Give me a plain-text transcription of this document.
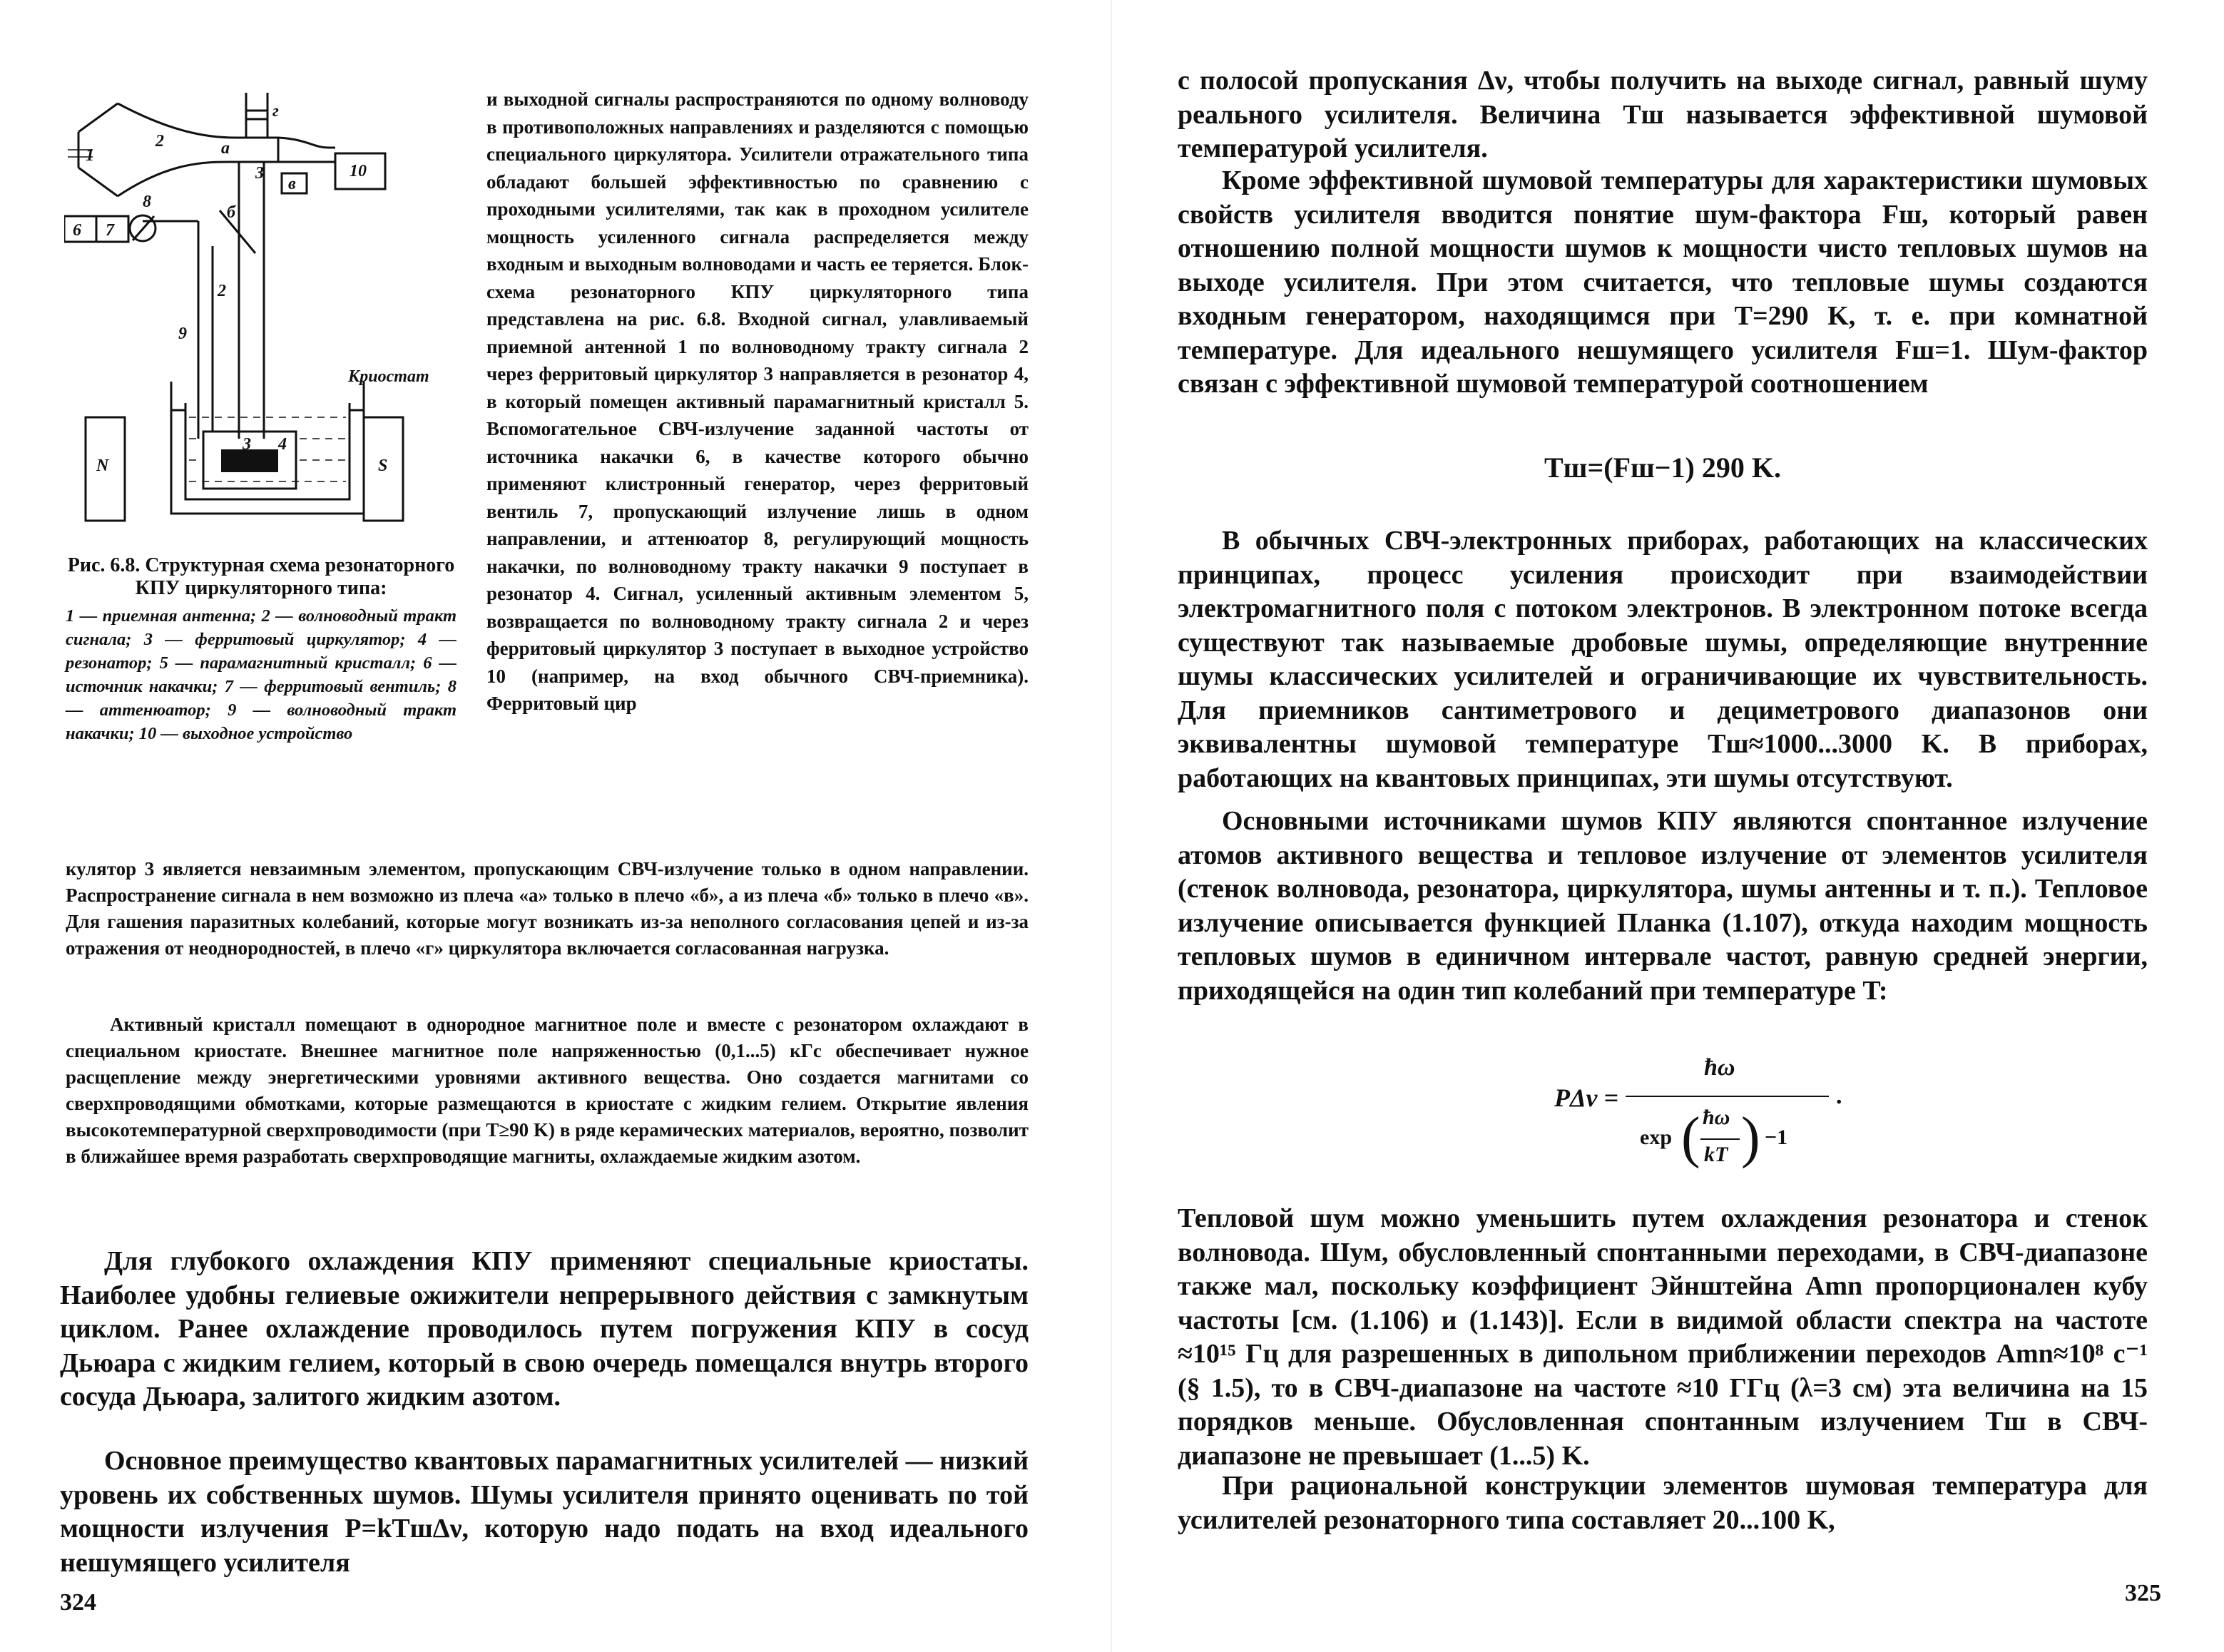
1
2
2
а
г
3
б
в
10
6 7
8
9
3 4
N	S
Криостат
Рис. 6.8. Структурная схема резонаторного КПУ циркуляторного типа:
1 — приемная антенна; 2 — волноводный тракт сигнала; 3 — ферритовый циркулятор; 4 — резонатор; 5 — парамагнитный кристалл; 6 — источник накачки; 7 — ферритовый вентиль; 8 — аттенюатор; 9 — волноводный тракт накачки; 10 — выходное устройство

и выходной сигналы распространяются по одному волноводу в противоположных направлениях и разделяются с помощью специального циркулятора. Усилители отражательного типа обладают большей эффективностью по сравнению с проходными усилителями, так как в проходном усилителе мощность усиленного сигнала распределяется между входным и выходным волноводами и часть ее теряется. Блок-схема резонаторного КПУ циркуляторного типа представлена на рис. 6.8. Входной сигнал, улавливаемый приемной антенной 1 по волноводному тракту сигнала 2 через ферритовый циркулятор 3 направляется в резонатор 4, в который помещен активный парамагнитный кристалл 5. Вспомогательное СВЧ-излучение заданной частоты от источника накачки 6, в качестве которого обычно применяют клистронный генератор, через ферритовый вентиль 7, пропускающий излучение лишь в одном направлении, и аттенюатор 8, регулирующий мощность накачки, по волноводному тракту накачки 9 поступает в резонатор 4. Сигнал, усиленный активным элементом 5, возвращается по волноводному тракту сигнала 2 и через ферритовый циркулятор 3 поступает в выходное устройство 10 (например, на вход обычного СВЧ-приемника). Ферритовый цир

кулятор 3 является невзаимным элементом, пропускающим СВЧ-излучение только в одном направлении. Распространение сигнала в нем возможно из плеча «а» только в плечо «б», а из плеча «б» только в плечо «в». Для гашения паразитных колебаний, которые могут возникать из-за неполного согласования цепей и из-за отражения от неоднородностей, в плечо «г» циркулятора включается согласованная нагрузка.

Активный кристалл помещают в однородное магнитное поле и вместе с резонатором охлаждают в специальном криостате. Внешнее магнитное поле напряженностью (0,1...5) кГс обеспечивает нужное расщепление между энергетическими уровнями активного вещества. Оно создается магнитами со сверхпроводящими обмотками, которые размещаются в криостате с жидким гелием. Открытие явления высокотемпературной сверхпроводимости (при T≥90 K) в ряде керамических материалов, вероятно, позволит в ближайшее время разработать сверхпроводящие магниты, охлаждаемые жидким азотом.

Для глубокого охлаждения КПУ применяют специальные криостаты. Наиболее удобны гелиевые ожижители непрерывного действия с замкнутым циклом. Ранее охлаждение проводилось путем погружения КПУ в сосуд Дьюара с жидким гелием, который в свою очередь помещался внутрь второго сосуда Дьюара, залитого жидким азотом.

Основное преимущество квантовых парамагнитных усилителей — низкий уровень их собственных шумов. Шумы усилителя принято оценивать по той мощности излучения P=kTшΔν, которую надо подать на вход идеального нешумящего усилителя

324

с полосой пропускания Δν, чтобы получить на выходе сигнал, равный шуму реального усилителя. Величина Tш называется эффективной шумовой температурой усилителя.

Кроме эффективной шумовой температуры для характеристики шумовых свойств усилителя вводится понятие шум-фактора Fш, который равен отношению полной мощности шумов к мощности чисто тепловых шумов на выходе усилителя. При этом считается, что тепловые шумы создаются входным генератором, находящимся при T=290 K, т. е. при комнатной температуре. Для идеального нешумящего усилителя Fш=1. Шум-фактор связан с эффективной шумовой температурой соотношением

Tш=(Fш−1) 290 K.

В обычных СВЧ-электронных приборах, работающих на классических принципах, процесс усиления происходит при взаимодействии электромагнитного поля с потоком электронов. В электронном потоке всегда существуют так называемые дробовые шумы, определяющие внутренние шумы классических усилителей и ограничивающие их чувствительность. Для приемников сантиметрового и дециметрового диапазонов они эквивалентны шумовой температуре Tш≈1000...3000 K. В приборах, работающих на квантовых принципах, эти шумы отсутствуют.

Основными источниками шумов КПУ являются спонтанное излучение атомов активного вещества и тепловое излучение от элементов усилителя (стенок волновода, резонатора, циркулятора, шумы антенны и т. п.). Тепловое излучение описывается функцией Планка (1.107), откуда находим мощность тепловых шумов в единичном интервале частот, равную средней энергии, приходящейся на один тип колебаний при температуре T:

PΔν =
ħω
.
exp ( ħω
kT ) −1

Тепловой шум можно уменьшить путем охлаждения резонатора и стенок волновода. Шум, обусловленный спонтанными переходами, в СВЧ-диапазоне также мал, поскольку коэффициент Эйнштейна Amn пропорционален кубу частоты [см. (1.106) и (1.143)]. Если в видимой области спектра на частоте ≈10¹⁵ Гц для разрешенных в дипольном приближении переходов Amn≈10⁸ с⁻¹ (§ 1.5), то в СВЧ-диапазоне на частоте ≈10 ГГц (λ=3 см) эта величина на 15 порядков меньше. Обусловленная спонтанным излучением Tш в СВЧ-диапазоне не превышает (1...5) K.

При рациональной конструкции элементов шумовая температура для усилителей резонаторного типа составляет 20...100 K,

325
